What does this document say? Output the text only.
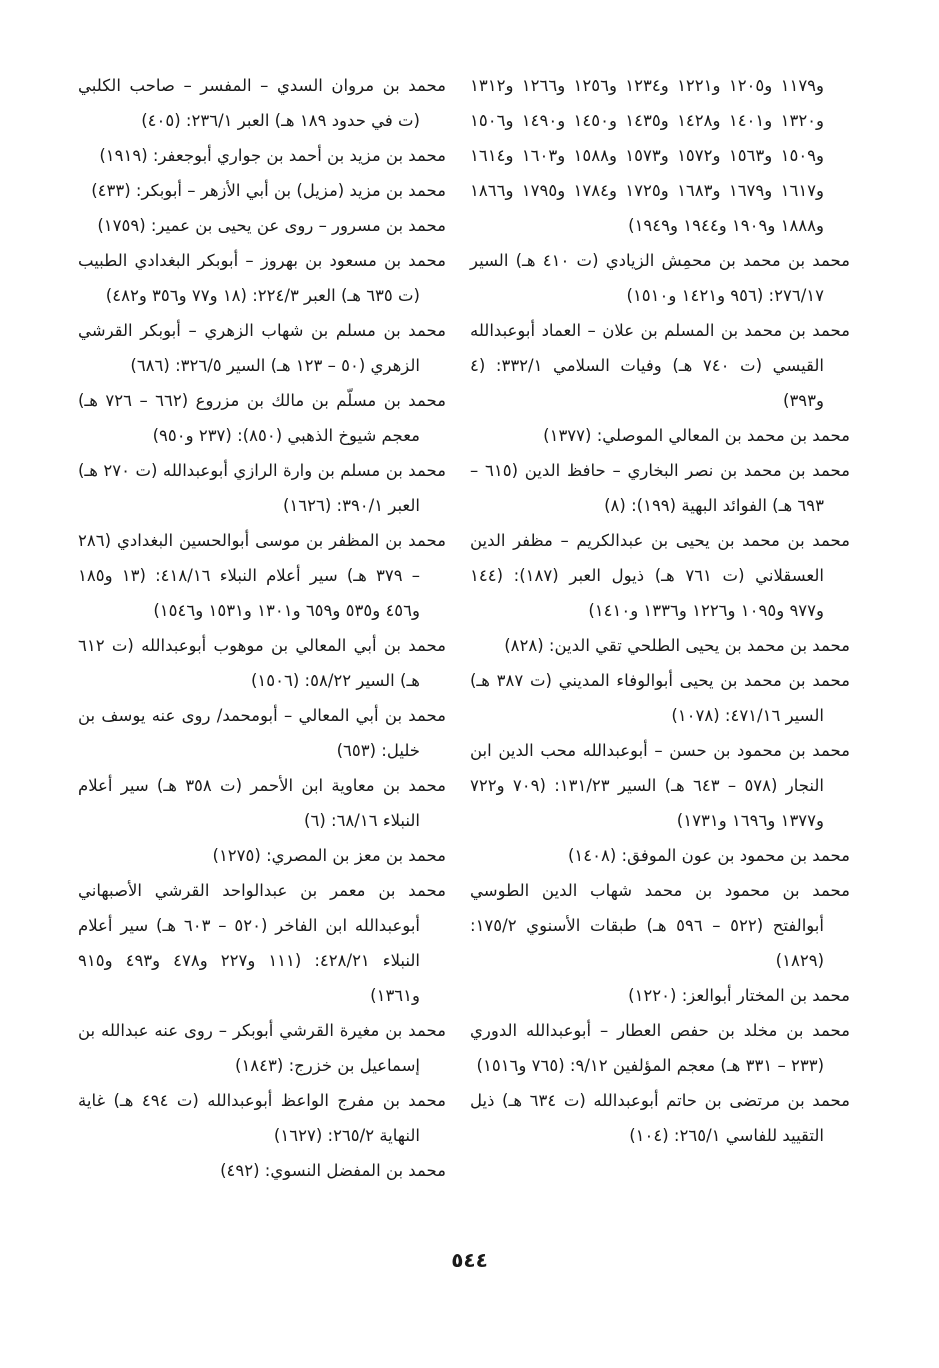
و١١٧٩ و١٢٠٥ و١٢٢١ و١٢٣٤ و١٢٥٦ و١٢٦٦ و١٣١٢ و١٣٢٠ و١٤٠١ و١٤٢٨ و١٤٣٥ و١٤٥٠ و١٤٩٠ و١٥٠٦ و١٥٠٩ و١٥٦٣ و١٥٧٢ و١٥٧٣ و١٥٨٨ و١٦٠٣ و١٦١٤ و١٦١٧ و١٦٧٩ و١٦٨٣ و١٧٢٥ و١٧٨٤ و١٧٩٥ و١٨٦٦ و١٨٨٨ و١٩٠٩ و١٩٤٤ و١٩٤٩)

محمد بن محمد بن محمِش الزيادي (ت ٤١٠ هـ) السير ٢٧٦/١٧: (٩٥٦ و١٤٢١ و١٥١٠)

محمد بن محمد بن المسلم بن علان – العماد أبوعبدالله القيسي (ت ٧٤٠ هـ) وفيات السلامي ٣٣٢/١: (٤ و٣٩٣)

محمد بن محمد بن المعالي الموصلي: (١٣٧٧)

محمد بن محمد بن نصر البخاري – حافظ الدين (٦١٥ – ٦٩٣ هـ) الفوائد البهية (١٩٩): (٨)

محمد بن محمد بن يحيى بن عبدالكريم – مظفر الدين العسقلاني (ت ٧٦١ هـ) ذيول العبر (١٨٧): (١٤٤ و٩٧٧ و١٠٩٥ و١٢٢٦ و١٣٣٦ و١٤١٠)

محمد بن محمد بن يحيى الطلحي تقي الدين: (٨٢٨)

محمد بن محمد بن يحيى أبوالوفاء المديني (ت ٣٨٧ هـ) السير ٤٧١/١٦: (١٠٧٨)

محمد بن محمود بن حسن – أبوعبدالله محب الدين ابن النجار (٥٧٨ – ٦٤٣ هـ) السير ١٣١/٢٣: (٧٠٩ و٧٢٢ و١٣٧٧ و١٦٩٦ و١٧٣١)

محمد بن محمود بن عون الموفق: (١٤٠٨)

محمد بن محمود بن محمد شهاب الدين الطوسي أبوالفتح (٥٢٢ – ٥٩٦ هـ) طبقات الأسنوي ١٧٥/٢: (١٨٢٩)

محمد بن المختار أبوالعز: (١٢٢٠)

محمد بن مخلد بن حفص العطار – أبوعبدالله الدوري (٢٣٣ – ٣٣١ هـ) معجم المؤلفين ٩/١٢: (٧٦٥ و١٥١٦)

محمد بن مرتضى بن حاتم أبوعبدالله (ت ٦٣٤ هـ) ذيل التقييد للفاسي ٢٦٥/١: (١٠٤)

محمد بن مروان السدي – المفسر – صاحب الكلبي (ت في حدود ١٨٩ هـ) العبر ٢٣٦/١: (٤٠٥)

محمد بن مزيد بن أحمد بن جواري أبوجعفر: (١٩١٩)

محمد بن مزيد (مزيل) بن أبي الأزهر – أبوبكر: (٤٣٣)

محمد بن مسرور – روى عن يحيى بن عمير: (١٧٥٩)

محمد بن مسعود بن بهروز – أبوبكر البغدادي الطبيب (ت ٦٣٥ هـ) العبر ٢٢٤/٣: (١٨ و٧٧ و٣٥٦ و٤٨٢)

محمد بن مسلم بن شهاب الزهري – أبوبكر القرشي الزهري (٥٠ – ١٢٣ هـ) السير ٣٢٦/٥: (٦٨٦)

محمد بن مسلّم بن مالك بن مزروع (٦٦٢ – ٧٢٦ هـ) معجم شيوخ الذهبي (٨٥٠): (٢٣٧ و٩٥٠)

محمد بن مسلم بن وارة الرازي أبوعبدالله (ت ٢٧٠ هـ) العبر ٣٩٠/١: (١٦٢٦)

محمد بن المظفر بن موسى أبوالحسين البغدادي (٢٨٦ – ٣٧٩ هـ) سير أعلام النبلاء ٤١٨/١٦: (١٣ و١٨٥ و٤٥٦ و٥٣٥ و٦٥٩ و١٣٠١ و١٥٣١ و١٥٤٦)

محمد بن أبي المعالي بن موهوب أبوعبدالله (ت ٦١٢ هـ) السير ٥٨/٢٢: (١٥٠٦)

محمد بن أبي المعالي – أبومحمد/ روى عنه يوسف بن خليل: (٦٥٣)

محمد بن معاوية ابن الأحمر (ت ٣٥٨ هـ) سير أعلام النبلاء ٦٨/١٦: (٦)

محمد بن معز بن المصري: (١٢٧٥)

محمد بن معمر بن عبدالواحد القرشي الأصبهاني أبوعبدالله ابن الفاخر (٥٢٠ – ٦٠٣ هـ) سير أعلام النبلاء ٤٢٨/٢١: (١١١ و٢٢٧ و٤٧٨ و٤٩٣ و٩١٥ و١٣٦١)

محمد بن مغيرة القرشي أبوبكر – روى عنه عبدالله بن إسماعيل بن خزرج: (١٨٤٣)

محمد بن مفرج الواعظ أبوعبدالله (ت ٤٩٤ هـ) غاية النهاية ٢٦٥/٢: (١٦٢٧)

محمد بن المفضل النسوي: (٤٩٢)

٥٤٤
